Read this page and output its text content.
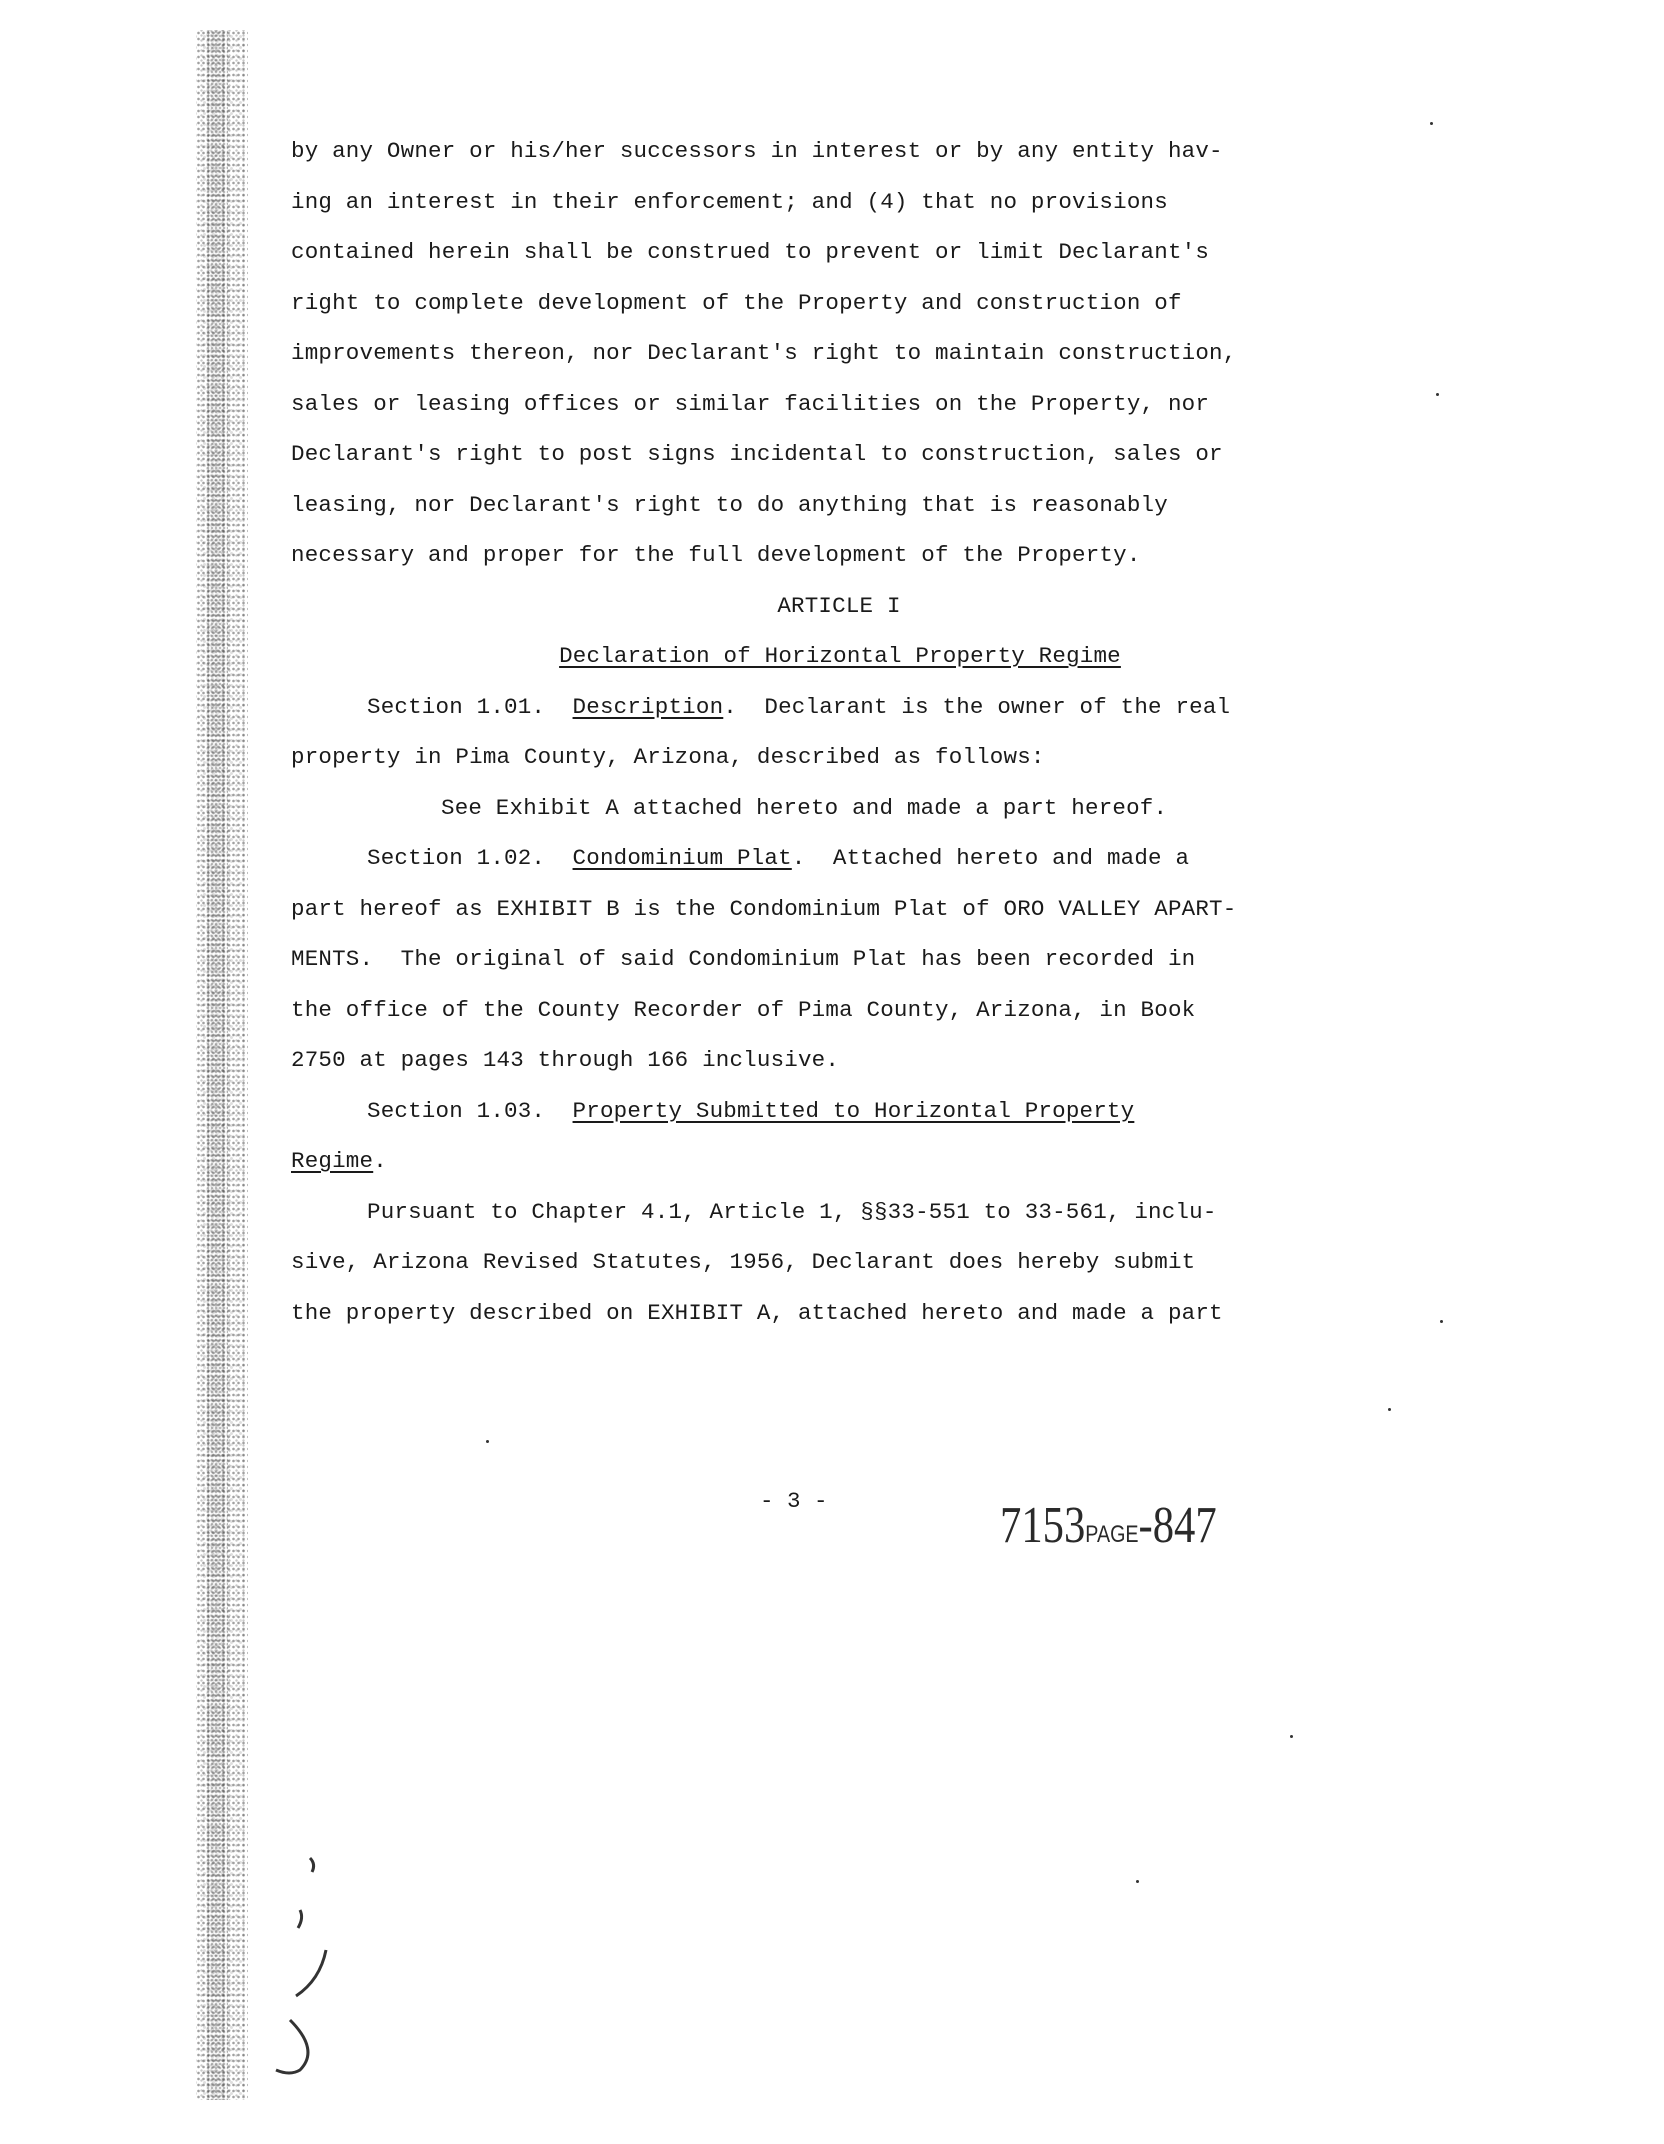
by any Owner or his/her successors in interest or by any entity hav-
ing an interest in their enforcement; and (4) that no provisions
contained herein shall be construed to prevent or limit Declarant's
right to complete development of the Property and construction of
improvements thereon, nor Declarant's right to maintain construction,
sales or leasing offices or similar facilities on the Property, nor
Declarant's right to post signs incidental to construction, sales or
leasing, nor Declarant's right to do anything that is reasonably
necessary and proper for the full development of the Property.
ARTICLE I
Declaration of Horizontal Property Regime
Section 1.01. Description.  Declarant is the owner of the real
property in Pima County, Arizona, described as follows:
See Exhibit A attached hereto and made a part hereof.
Section 1.02. Condominium Plat.  Attached hereto and made a
part hereof as EXHIBIT B is the Condominium Plat of ORO VALLEY APART-
MENTS.  The original of said Condominium Plat has been recorded in
the office of the County Recorder of Pima County, Arizona, in Book
2750 at pages 143 through 166 inclusive.
Section 1.03. Property Submitted to Horizontal Property
Regime.
Pursuant to Chapter 4.1, Article 1, §§33-551 to 33-561, inclu-
sive, Arizona Revised Statutes, 1956, Declarant does hereby submit
the property described on EXHIBIT A, attached hereto and made a part
- 3 -	7153PAGE-847
